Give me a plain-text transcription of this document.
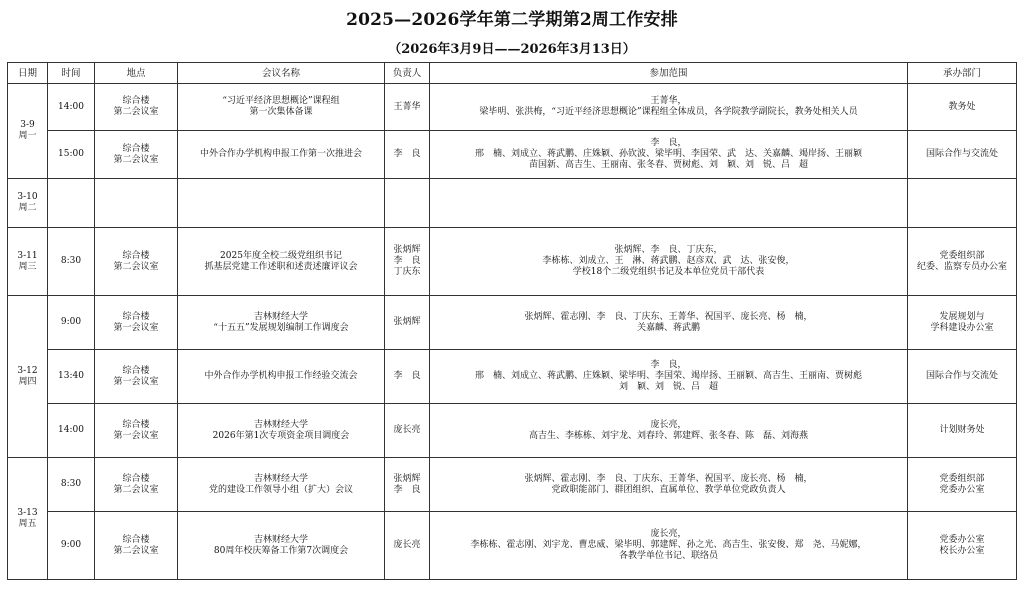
2025—2026学年第二学期第2周工作安排
（2026年3月9日——2026年3月13日）
日期	时间	地点	会议名称	负责人	参加范围	承办部门

3-9
周一	14:00	综合楼
第二会议室	“习近平经济思想概论”课程组
第一次集体备课	王菁华	王菁华，
梁毕明、张洪梅，“习近平经济思想概论”课程组全体成员，各学院教学副院长，教务处相关人员	教务处

	15:00	综合楼
第二会议室	中外合作办学机构申报工作第一次推进会	李　良	李　良，
邢　楠、刘成立、蒋武鹏、庄姝颖、孙钦波、梁毕明、李国荣、武　达、关嘉麟、竭岸扬、王丽颖
苗国新、高吉生、王丽南、张冬春、贾树彪、刘　颖、刘　锐、吕　超	国际合作与交流处

3-10
周二						

3-11
周三	8:30	综合楼
第二会议室	2025年度全校二级党组织书记
抓基层党建工作述职和述责述廉评议会	张炳辉
李　良
丁庆东	张炳辉、李　良、丁庆东，
李栋栋、刘成立、王　淋、蒋武鹏、赵彦双、武　达、张安俊，
学校18个二级党组织书记及本单位党员干部代表	党委组织部
纪委、监察专员办公室

3-12
周四	9:00	综合楼
第一会议室	吉林财经大学
“十五五”发展规划编制工作调度会	张炳辉	张炳辉、霍志刚、李　良、丁庆东、王菁华、祝国平、庞长亮、杨　楠，
关嘉麟、蒋武鹏	发展规划与
学科建设办公室

	13:40	综合楼
第一会议室	中外合作办学机构申报工作经验交流会	李　良	李　良，
邢　楠、刘成立、蒋武鹏、庄姝颖、梁毕明、李国荣、竭岸扬、王丽颖、高吉生、王丽南、贾树彪
刘　颖、刘　锐、吕　超	国际合作与交流处

	14:00	综合楼
第一会议室	吉林财经大学
2026年第1次专项资金项目调度会	庞长亮	庞长亮，
高吉生、李栋栋、刘宇龙、刘春玲、郭建辉、张冬春、陈　磊、刘海燕	计划财务处

3-13
周五	8:30	综合楼
第二会议室	吉林财经大学
党的建设工作领导小组（扩大）会议	张炳辉
李　良	张炳辉、霍志刚、李　良、丁庆东、王菁华、祝国平、庞长亮、杨　楠，
党政职能部门、群团组织、直属单位、教学单位党政负责人	党委组织部
党委办公室

	9:00	综合楼
第二会议室	吉林财经大学
80周年校庆筹备工作第7次调度会	庞长亮	庞长亮，
李栋栋、霍志刚、刘宇龙、曹忠威、梁毕明、郭建辉、孙之光、高吉生、张安俊、郑　尧、马妮娜，
各教学单位书记、联络员	党委办公室
校长办公室
